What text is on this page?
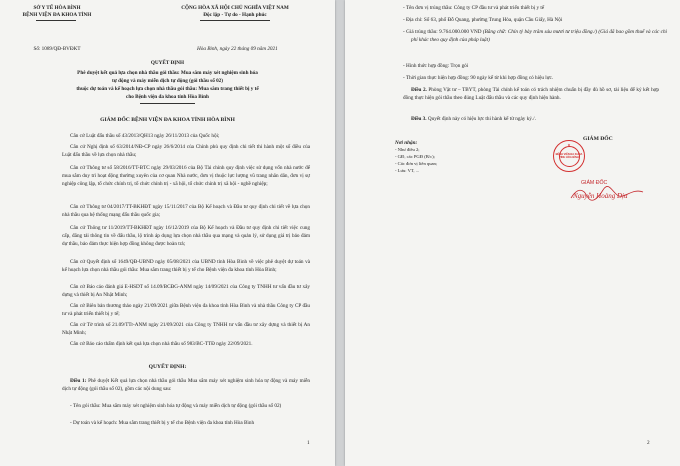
SỞ Y TẾ HÒA BÌNH
BỆNH VIỆN ĐA KHOA TỈNH
Số: 1089/QĐ-BVĐKT
CỘNG HÒA XÃ HỘI CHỦ NGHĨA VIỆT NAM
Độc lập - Tự do - Hạnh phúc
Hòa Bình, ngày 22 tháng 09 năm 2021
QUYẾT ĐỊNH
Phê duyệt kết quả lựa chọn nhà thầu gói thầu: Mua sắm máy xét nghiệm sinh hóa
tự động và máy miễn dịch tự động (gói thầu số 02)
thuộc dự toán và kế hoạch lựa chọn nhà thầu gói thầu: Mua sắm trang thiết bị y tế
cho Bệnh viện đa khoa tỉnh Hòa Bình
GIÁM ĐỐC BỆNH VIỆN ĐA KHOA TỈNH HÒA BÌNH
Căn cứ Luật đấu thầu số 43/2013/QH13 ngày 26/11/2013 của Quốc hội;
Căn cứ Nghị định số 63/2014/NĐ-CP ngày 26/6/2014 của Chính phủ quy định chi tiết thi hành một số điều của Luật đấu thầu về lựa chọn nhà thầu;
Căn cứ Thông tư số 58/2016/TT-BTC ngày 29/03/2016 của Bộ Tài chính quy định việc sử dụng vốn nhà nước để mua sắm duy trì hoạt động thường xuyên của cơ quan Nhà nước, đơn vị thuộc lực lượng vũ trang nhân dân, đơn vị sự nghiệp công lập, tổ chức chính trị, tổ chức chính trị - xã hội, tổ chức chính trị xã hội - nghề nghiệp;
Căn cứ Thông tư 04/2017/TT-BKHĐT ngày 15/11/2017 của Bộ Kế hoạch và Đầu tư quy định chi tiết về lựa chọn nhà thầu qua hệ thống mạng đấu thầu quốc gia;
Căn cứ Thông tư 11/2019/TT-BKHĐT ngày 16/12/2019 của Bộ Kế hoạch và Đầu tư quy định chi tiết việc cung cấp, đăng tải thông tin về đấu thầu, lộ trình áp dụng lựa chọn nhà thầu qua mạng và quản lý, sử dụng giá trị bảo đảm dự thầu, bảo đảm thực hiện hợp đồng không được hoàn trả;
Căn cứ Quyết định số 1649/QĐ-UBND ngày 05/08/2021 của UBND tỉnh Hòa Bình về việc phê duyệt dự toán và kế hoạch lựa chọn nhà thầu gói thầu: Mua sắm trang thiết bị y tế cho Bệnh viện đa khoa tỉnh Hòa Bình;
Căn cứ Báo cáo đánh giá E-HSDT số 14.09/BCĐG-ANM ngày 14/09/2021 của Công ty TNHH tư vấn đầu tư xây dựng và thiết bị An Nhật Minh;
Căn cứ Biên bản thương thảo ngày 21/09/2021 giữa Bệnh viện đa khoa tỉnh Hòa Bình và nhà thầu Công ty CP đầu tư và phát triển thiết bị y tế;
Căn cứ Tờ trình số 21.09/TTr-ANM ngày 21/09/2021 của Công ty TNHH tư vấn đầu tư xây dựng và thiết bị An Nhật Minh;
Căn cứ Báo cáo thẩm định kết quả lựa chọn nhà thầu số 983/BC-TTĐ ngày 22/09/2021.
QUYẾT ĐỊNH:
Điều 1: Phê duyệt Kết quả lựa chọn nhà thầu gói thầu Mua sắm máy xét nghiệm sinh hóa tự động và máy miễn dịch tự động (gói thầu số 02), gồm các nội dung sau:
- Tên gói thầu: Mua sắm máy xét nghiệm sinh hóa tự động và máy miễn dịch tự động (gói thầu số 02)
- Dự toán và kế hoạch: Mua sắm trang thiết bị y tế cho Bệnh viện đa khoa tỉnh Hòa Bình
1
- Tên đơn vị trúng thầu: Công ty CP đầu tư và phát triển thiết bị y tế
- Địa chỉ: Số 63, phố Đỗ Quang, phường Trung Hòa, quận Cầu Giấy, Hà Nội
- Giá trúng thầu: 9.764.000.000 VND (Bằng chữ: Chín tỷ bảy trăm sáu mươi tư triệu đồng./) (Giá đã bao gồm thuế và các chi phí khác theo quy định của pháp luật)
- Hình thức hợp đồng: Trọn gói
- Thời gian thực hiện hợp đồng: 90 ngày kể từ khi hợp đồng có hiệu lực.
Điều 2. Phòng Vật tư – TBYT, phòng Tài chính kế toán có trách nhiệm chuẩn bị đầy đủ hồ sơ, tài liệu để ký kết hợp đồng thực hiện gói thầu theo đúng Luật đấu thầu và các quy định hiện hành.
Điều 3. Quyết định này có hiệu lực thi hành kể từ ngày ký./.
Nơi nhận:
- Như điều 2;
- GĐ, các PGĐ (B/c);
- Các đơn vị liên quan;
- Lưu: VT, ...
GIÁM ĐỐC
★
BỆNH VIỆN ĐA KHOA TỈNH HÒA BÌNH
GIÁM ĐỐC
Nguyễn Hoàng Dịu
2
